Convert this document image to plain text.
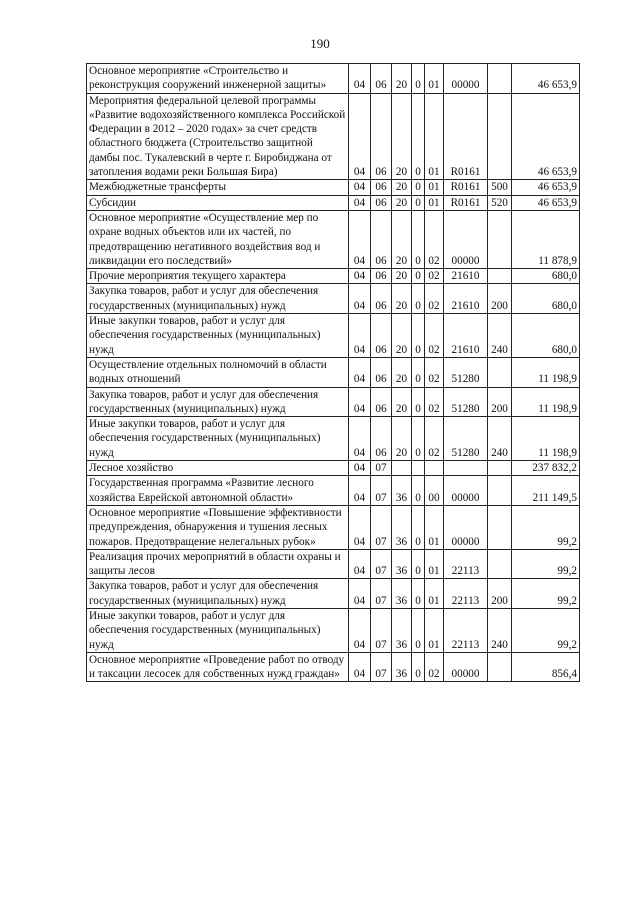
190
Основное мероприятие «Строительство и реконструкция сооружений инженерной защиты»	04	06	20	0	01	00000		46 653,9
Мероприятия федеральной целевой программы «Развитие водохозяйственного комплекса Российской Федерации в 2012 – 2020 годах» за счет средств областного бюджета (Строительство защитной дамбы пос. Тукалевский в черте г. Биробиджана от затопления водами реки Большая Бира)	04	06	20	0	01	R0161		46 653,9
Межбюджетные трансферты	04	06	20	0	01	R0161	500	46 653,9
Субсидии	04	06	20	0	01	R0161	520	46 653,9
Основное мероприятие «Осуществление мер по охране водных объектов или их частей, по предотвращению негативного воздействия вод и ликвидации его последствий»	04	06	20	0	02	00000		11 878,9
Прочие мероприятия текущего характера	04	06	20	0	02	21610		680,0
Закупка товаров, работ и услуг для обеспечения государственных (муниципальных) нужд	04	06	20	0	02	21610	200	680,0
Иные закупки товаров, работ и услуг для обеспечения государственных (муниципальных) нужд	04	06	20	0	02	21610	240	680,0
Осуществление отдельных полномочий в области водных отношений	04	06	20	0	02	51280		11 198,9
Закупка товаров, работ и услуг для обеспечения государственных (муниципальных) нужд	04	06	20	0	02	51280	200	11 198,9
Иные закупки товаров, работ и услуг для обеспечения государственных (муниципальных) нужд	04	06	20	0	02	51280	240	11 198,9
Лесное хозяйство	04	07						237 832,2
Государственная программа «Развитие лесного хозяйства Еврейской автономной области»	04	07	36	0	00	00000		211 149,5
Основное мероприятие «Повышение эффективности предупреждения, обнаружения и тушения лесных пожаров. Предотвращение нелегальных рубок»	04	07	36	0	01	00000		99,2
Реализация прочих мероприятий в области охраны и защиты лесов	04	07	36	0	01	22113		99,2
Закупка товаров, работ и услуг для обеспечения государственных (муниципальных) нужд	04	07	36	0	01	22113	200	99,2
Иные закупки товаров, работ и услуг для обеспечения государственных (муниципальных) нужд	04	07	36	0	01	22113	240	99,2
Основное мероприятие «Проведение работ по отводу и таксации лесосек для собственных нужд граждан»	04	07	36	0	02	00000		856,4
